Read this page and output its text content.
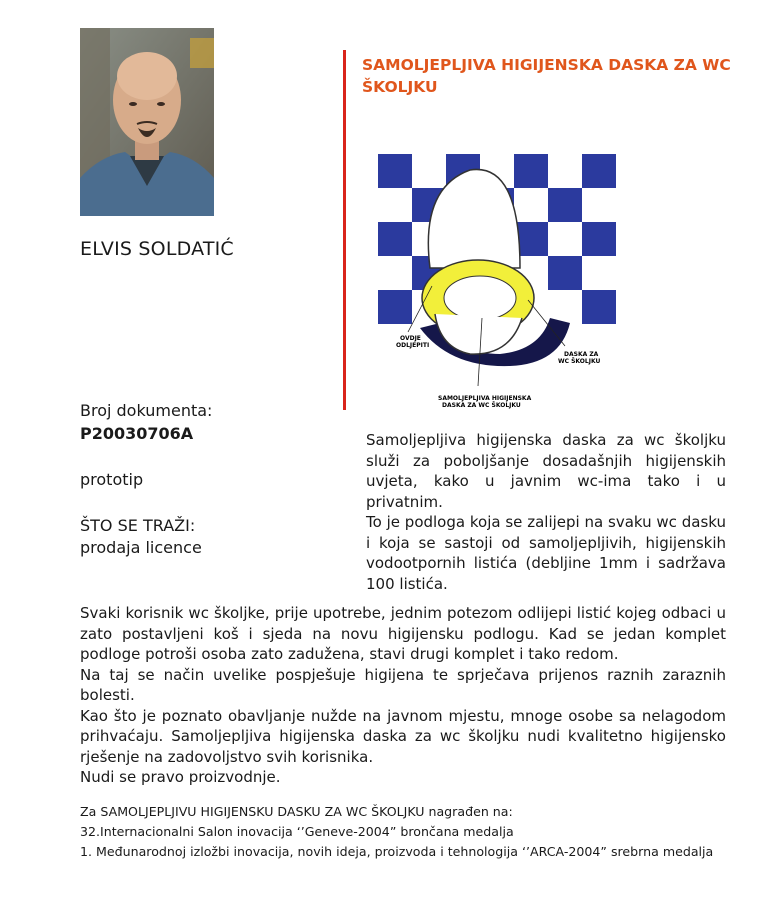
ELVIS SOLDATIĆ
SAMOLJEPLJIVA HIGIJENSKA DASKA ZA WC ŠKOLJKU
OVDJE ODLJEPITI
DASKA ZA WC ŠKOLJKU
SAMOLJEPLJIVA HIGIJENSKA DASKA ZA WC ŠKOLJKU
Broj dokumenta:
P20030706A
prototip
ŠTO SE TRAŽI:
prodaja licence

Samoljepljiva higijenska daska za wc školjku služi za poboljšanje dosadašnjih higijenskih uvjeta, kako u javnim wc-ima tako i u privatnim.

To je podloga koja se zalijepi na svaku wc dasku i koja se sastoji od samoljepljivih, higijenskih vodootpornih listića (debljine 1mm i sadržava 100 listića.

Svaki korisnik wc školjke, prije upotrebe, jednim potezom odlijepi listić kojeg odbaci u zato postavljeni koš i sjeda na novu higijensku podlogu. Kad se jedan komplet podloge potroši osoba zato zadužena, stavi drugi komplet i tako redom.

Na taj se način uvelike pospješuje higijena te sprječava prijenos raznih zaraznih bolesti.

Kao što je poznato obavljanje nužde na javnom mjestu, mnoge osobe sa nelagodom prihvaćaju. Samoljepljiva higijenska daska za wc školjku nudi kvalitetno higijensko rješenje na zadovoljstvo svih korisnika.

Nudi se pravo proizvodnje.

Za SAMOLJEPLJIVU HIGIJENSKU DASKU ZA WC ŠKOLJKU nagrađen na:

32.Internacionalni Salon inovacija ‘’Geneve-2004” brončana medalja

1. Međunarodnoj izložbi inovacija, novih ideja, proizvoda i tehnologija ‘’ARCA-2004” srebrna medalja
